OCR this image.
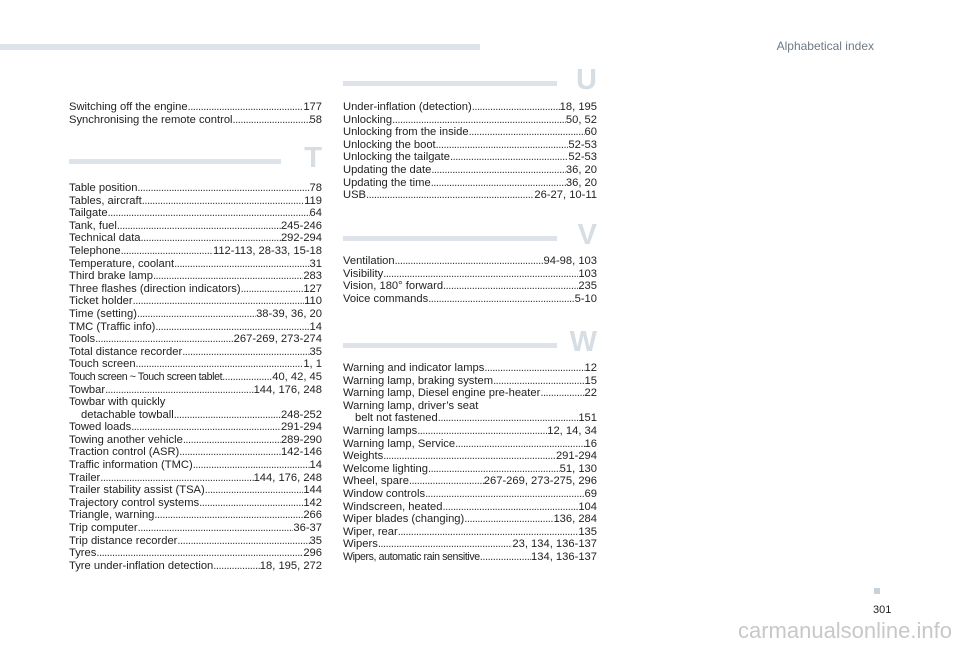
Alphabetical index
Switching off the engine .....	177
Synchronising the remote control .....	58
T
Table position .....	78
Tables, aircraft .....	119
Tailgate .....	64
Tank, fuel .....	245-246
Technical data .....	292-294
Telephone .....	112-113, 28-33, 15-18
Temperature, coolant .....	31
Third brake lamp .....	283
Three flashes (direction indicators) .....	127
Ticket holder .....	110
Time (setting) .....	38-39, 36, 20
TMC (Traffic info) .....	14
Tools .....	267-269, 273-274
Total distance recorder .....	35
Touch screen .....	1, 1
Touch screen ~ Touch screen tablet .....	40, 42, 45
Towbar .....	144, 176, 248
Towbar with quickly
detachable towball .....	248-252
Towed loads .....	291-294
Towing another vehicle .....	289-290
Traction control (ASR) .....	142-146
Traffic information (TMC) .....	14
Trailer .....	144, 176, 248
Trailer stability assist (TSA) .....	144
Trajectory control systems .....	142
Triangle, warning .....	266
Trip computer .....	36-37
Trip distance recorder .....	35
Tyres .....	296
Tyre under-inflation detection .....	18, 195, 272
U
Under-inflation (detection) .....	18, 195
Unlocking .....	50, 52
Unlocking from the inside .....	60
Unlocking the boot .....	52-53
Unlocking the tailgate .....	52-53
Updating the date .....	36, 20
Updating the time .....	36, 20
USB .....	26-27, 10-11
V
Ventilation .....	94-98, 103
Visibility .....	103
Vision, 180° forward .....	235
Voice commands .....	5-10
W
Warning and indicator lamps .....	12
Warning lamp, braking system .....	15
Warning lamp, Diesel engine pre-heater .....	22
Warning lamp, driver’s seat
belt not fastened .....	151
Warning lamps .....	12, 14, 34
Warning lamp, Service .....	16
Weights .....	291-294
Welcome lighting .....	51, 130
Wheel, spare .....	267-269, 273-275, 296
Window controls .....	69
Windscreen, heated .....	104
Wiper blades (changing) .....	136, 284
Wiper, rear .....	135
Wipers .....	23, 134, 136-137
Wipers, automatic rain sensitive .....	134, 136-137
301
carmanualsonline.info
